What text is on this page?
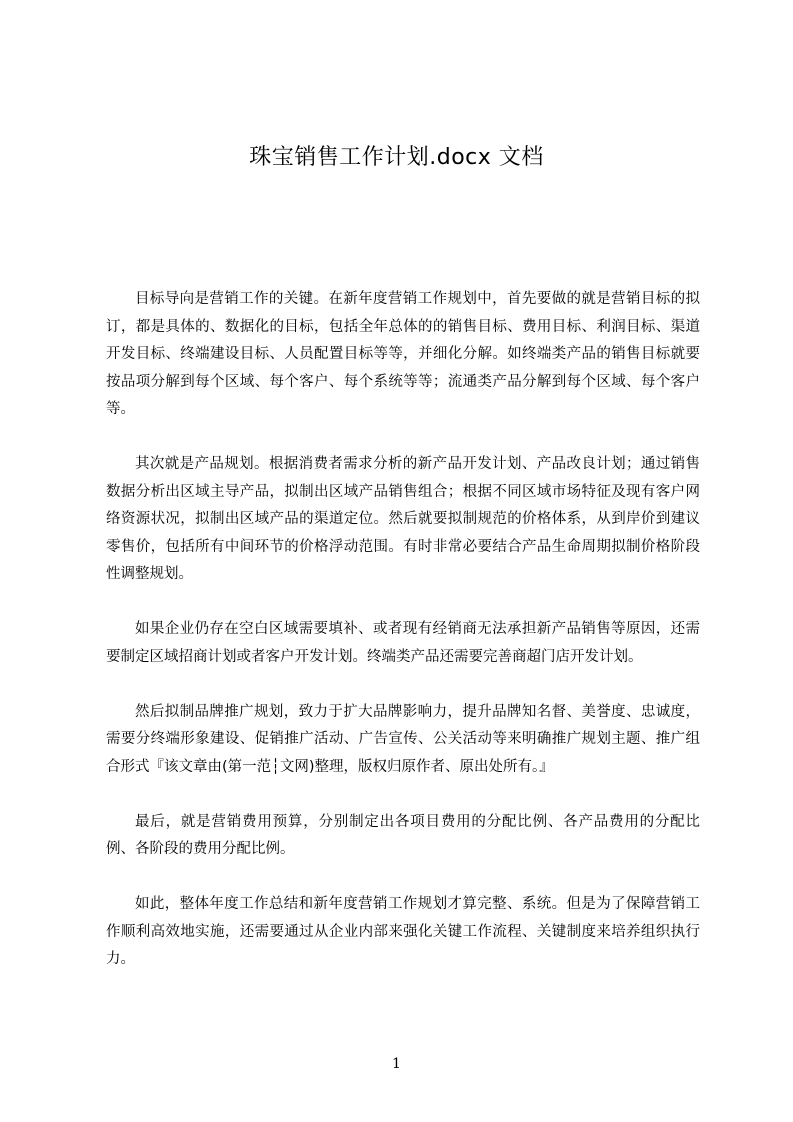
珠宝销售工作计划.docx 文档

目标导向是营销工作的关键。在新年度营销工作规划中，首先要做的就是营销目标的拟订，都是具体的、数据化的目标，包括全年总体的的销售目标、费用目标、利润目标、渠道开发目标、终端建设目标、人员配置目标等等，并细化分解。如终端类产品的销售目标就要按品项分解到每个区域、每个客户、每个系统等等；流通类产品分解到每个区域、每个客户等。

其次就是产品规划。根据消费者需求分析的新产品开发计划、产品改良计划；通过销售数据分析出区域主导产品，拟制出区域产品销售组合；根据不同区域市场特征及现有客户网络资源状况，拟制出区域产品的渠道定位。然后就要拟制规范的价格体系，从到岸价到建议零售价，包括所有中间环节的价格浮动范围。有时非常必要结合产品生命周期拟制价格阶段性调整规划。

如果企业仍存在空白区域需要填补、或者现有经销商无法承担新产品销售等原因，还需要制定区域招商计划或者客户开发计划。终端类产品还需要完善商超门店开发计划。

然后拟制品牌推广规划，致力于扩大品牌影响力，提升品牌知名督、美誉度、忠诚度，需要分终端形象建设、促销推广活动、广告宣传、公关活动等来明确推广规划主题、推广组合形式『该文章由(第一范┆文网)整理，版权归原作者、原出处所有。』

最后，就是营销费用预算，分别制定出各项目费用的分配比例、各产品费用的分配比例、各阶段的费用分配比例。

如此，整体年度工作总结和新年度营销工作规划才算完整、系统。但是为了保障营销工作顺利高效地实施，还需要通过从企业内部来强化关键工作流程、关键制度来培养组织执行力。

1
